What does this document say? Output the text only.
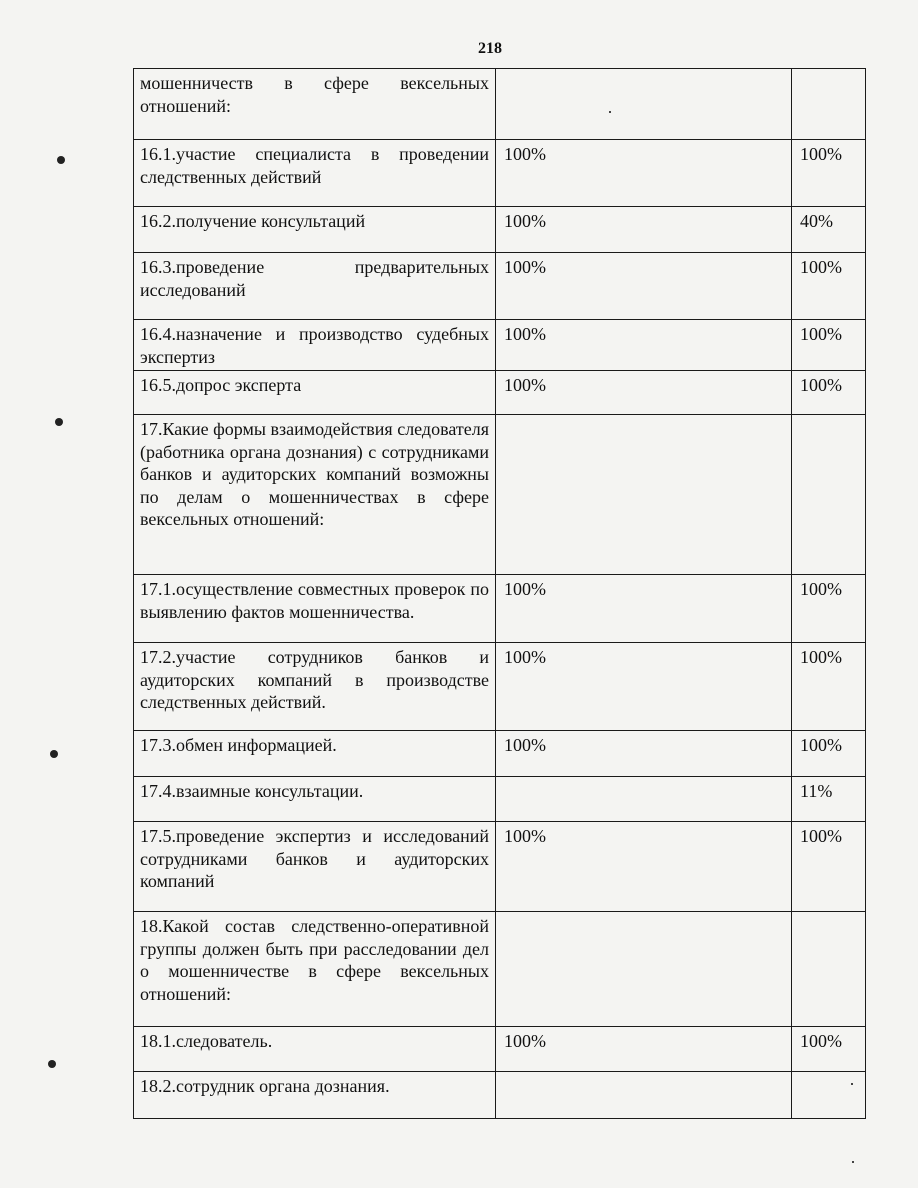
218
мошенничеств в сфере вексельных отношений:		
16.1.участие специалиста в проведении следственных действий	100%	100%
16.2.получение консультаций	100%	40%
16.3.проведение предварительных исследований	100%	100%
16.4.назначение и производство судебных экспертиз	100%	100%
16.5.допрос эксперта	100%	100%
17.Какие формы взаимодействия следователя (работника органа дознания) с сотрудниками банков и аудиторских компаний возможны по делам о мошенничествах в сфере вексельных отношений:		
17.1.осуществление совместных проверок по выявлению фактов мошенничества.	100%	100%
17.2.участие сотрудников банков и аудиторских компаний в производстве следственных действий.	100%	100%
17.3.обмен информацией.	100%	100%
17.4.взаимные консультации.		11%
17.5.проведение экспертиз и исследований сотрудниками банков и аудиторских компаний	100%	100%
18.Какой состав следственно-оперативной группы должен быть при расследовании дел о мошенничестве в сфере вексельных отношений:		
18.1.следователь.	100%	100%
18.2.сотрудник органа дознания.		
